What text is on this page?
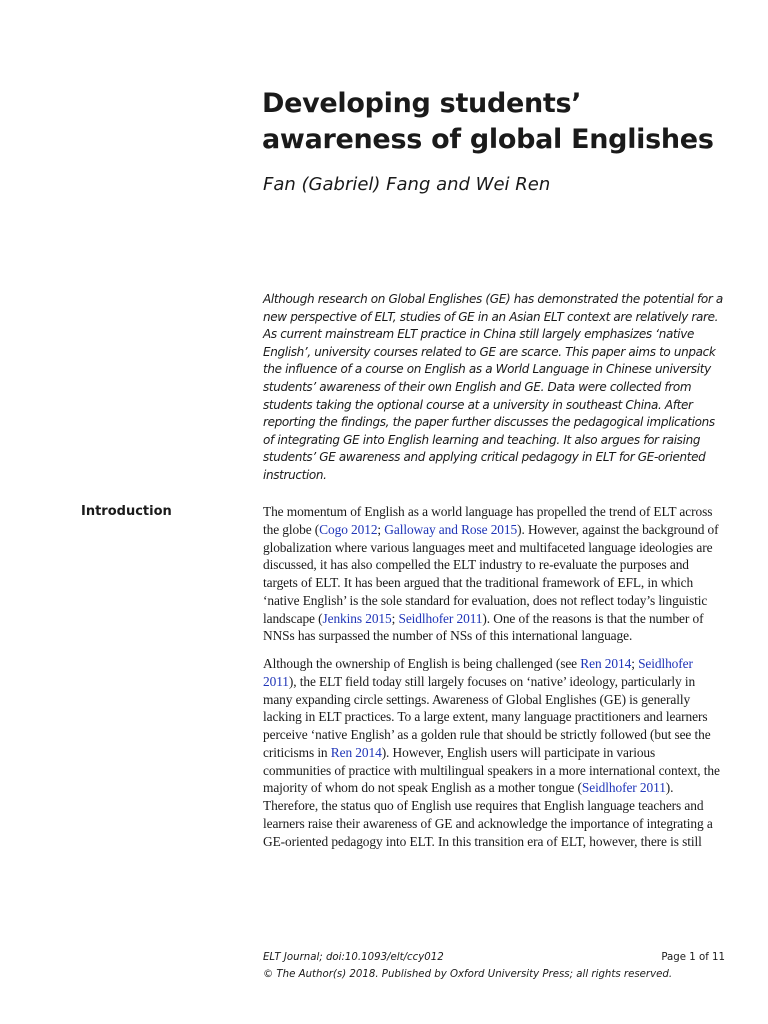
Developing students’ awareness of global Englishes

Fan (Gabriel) Fang and Wei Ren

Although research on Global Englishes (GE) has demonstrated the potential for a new perspective of ELT, studies of GE in an Asian ELT context are relatively rare. As current mainstream ELT practice in China still largely emphasizes ‘native English’, university courses related to GE are scarce. This paper aims to unpack the influence of a course on English as a World Language in Chinese university students’ awareness of their own English and GE. Data were collected from students taking the optional course at a university in southeast China. After reporting the findings, the paper further discusses the pedagogical implications of integrating GE into English learning and teaching. It also argues for raising students’ GE awareness and applying critical pedagogy in ELT for GE-oriented instruction.

Introduction	The momentum of English as a world language has propelled the trend of ELT across the globe (Cogo 2012; Galloway and Rose 2015). However, against the background of globalization where various languages meet and multifaceted language ideologies are discussed, it has also compelled the ELT industry to re-evaluate the purposes and targets of ELT. It has been argued that the traditional framework of EFL, in which ‘native English’ is the sole standard for evaluation, does not reflect today’s linguistic landscape (Jenkins 2015; Seidlhofer 2011). One of the reasons is that the number of NNSs has surpassed the number of NSs of this international language.

Although the ownership of English is being challenged (see Ren 2014; Seidlhofer 2011), the ELT field today still largely focuses on ‘native’ ideology, particularly in many expanding circle settings. Awareness of Global Englishes (GE) is generally lacking in ELT practices. To a large extent, many language practitioners and learners perceive ‘native English’ as a golden rule that should be strictly followed (but see the criticisms in Ren 2014). However, English users will participate in various communities of practice with multilingual speakers in a more international context, the majority of whom do not speak English as a mother tongue (Seidlhofer 2011). Therefore, the status quo of English use requires that English language teachers and learners raise their awareness of GE and acknowledge the importance of integrating a GE-oriented pedagogy into ELT. In this transition era of ELT, however, there is still

ELT Journal; doi:10.1093/elt/ccy012	Page 1 of 11
© The Author(s) 2018. Published by Oxford University Press; all rights reserved.
